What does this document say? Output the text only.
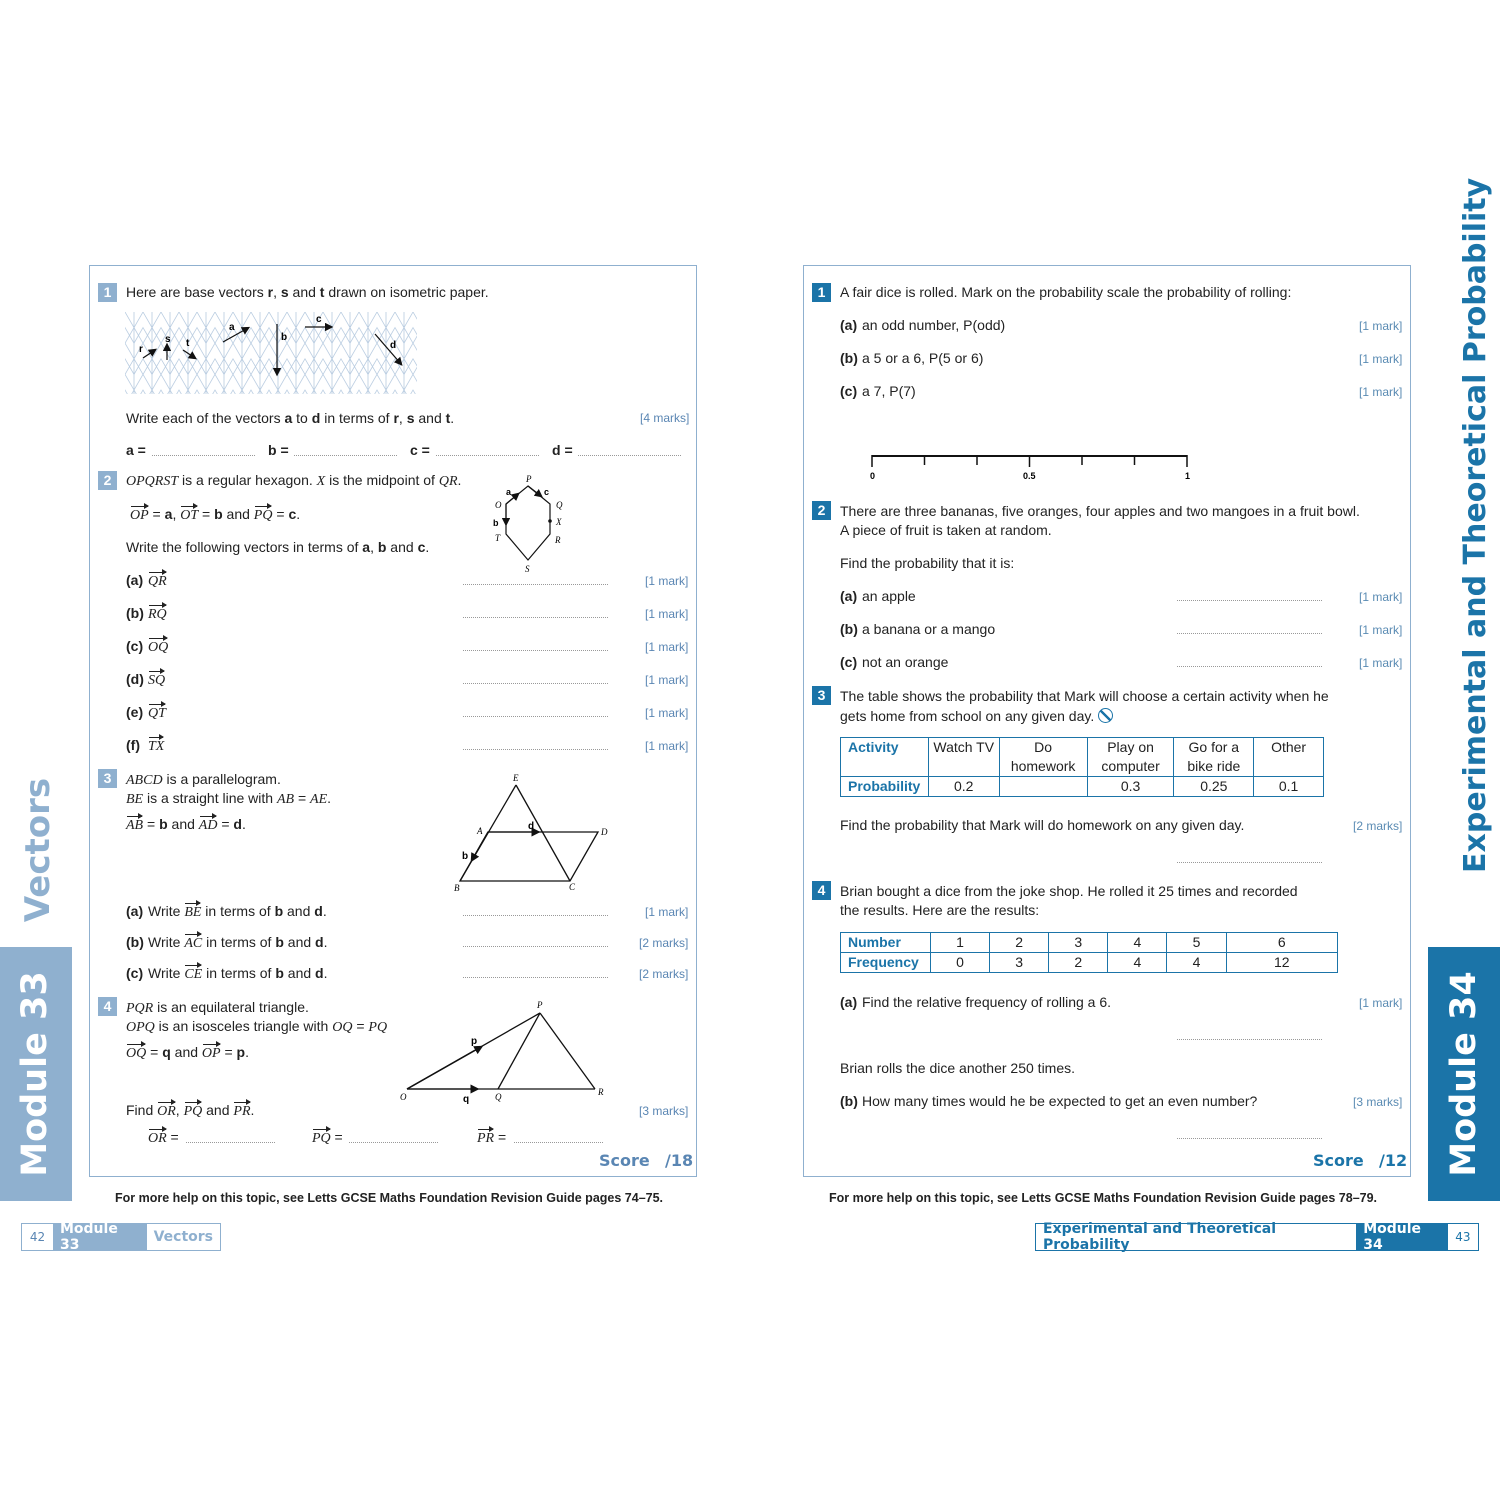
1	Here are base vectors r, s and t drawn on isometric paper.
r
s t
a
b
c
d
Write each of the vectors a to d in terms of r, s and t.	[4 marks]
a =	b =	c =	d =
2	OPQRST is a regular hexagon. X is the midpoint of QR.
OP = a, OT = b and PQ = c.
Write the following vectors in terms of a, b and c.
P
a	c
O	Q
b	X
T	R
S
(a) QR	[1 mark]
(b) RQ	[1 mark]
(c) OQ	[1 mark]
(d) SQ	[1 mark]
(e) QT	[1 mark]
(f) TX	[1 mark]
3	ABCD is a parallelogram.
BE is a straight line with AB = AE.
AB = b and AD = d.
E
A	d	D
b
B	C
(a) Write BE in terms of b and d.	[1 mark]
(b) Write AC in terms of b and d.	[2 marks]
(c) Write CE in terms of b and d.	[2 marks]
4	PQR is an equilateral triangle.
OPQ is an isosceles triangle with OQ = PQ
OQ = q and OP = p.
P
p
O	q	Q	R
Find OR, PQ and PR.	[3 marks]
OR =	PQ =	PR =
Score /18
For more help on this topic, see Letts GCSE Maths Foundation Revision Guide pages 74–75.
Module 33
Vectors
42	Module 33	Vectors
1	A fair dice is rolled. Mark on the probability scale the probability of rolling:
(a) an odd number, P(odd)	[1 mark]
(b) a 5 or a 6, P(5 or 6)	[1 mark]
(c) a 7, P(7)	[1 mark]
0	0.5	1
2	There are three bananas, five oranges, four apples and two mangoes in a fruit bowl.
A piece of fruit is taken at random.
Find the probability that it is:
(a) an apple	[1 mark]
(b) a banana or a mango	[1 mark]
(c) not an orange	[1 mark]
3	The table shows the probability that Mark will choose a certain activity when he
gets home from school on any given day.
Activity	Watch TV	Do homework	Play on computer	Go for a bike ride	Other
Probability	0.2		0.3	0.25	0.1
Find the probability that Mark will do homework on any given day.	[2 marks]
4	Brian bought a dice from the joke shop. He rolled it 25 times and recorded
the results. Here are the results:
Number	1	2	3	4	5	6
Frequency	0	3	2	4	4	12
(a) Find the relative frequency of rolling a 6.	[1 mark]
Brian rolls the dice another 250 times.
(b) How many times would he be expected to get an even number?	[3 marks]
Score /12
For more help on this topic, see Letts GCSE Maths Foundation Revision Guide pages 78–79.
Module 34
Experimental and Theoretical Probability
Experimental and Theoretical Probability
Module 34	43
